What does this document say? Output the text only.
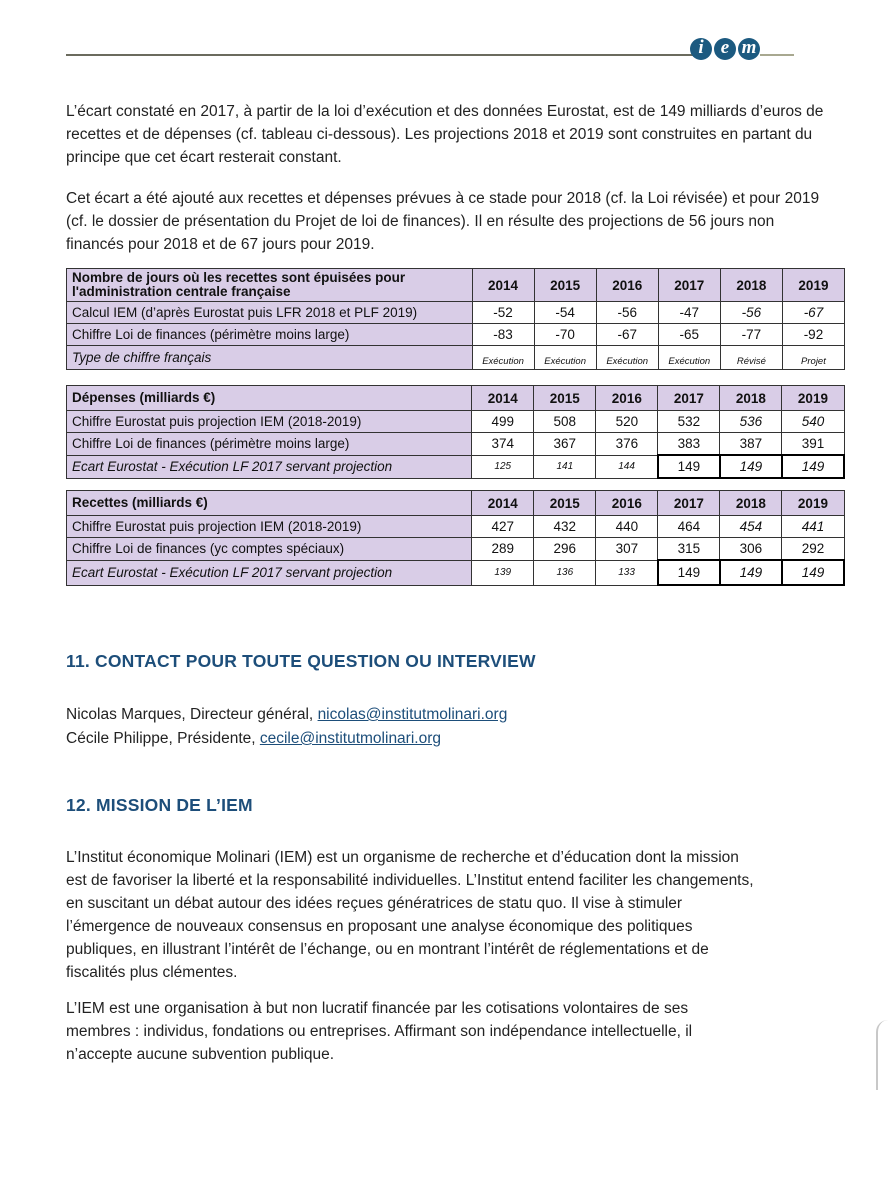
i e m

L’écart constaté en 2017, à partir de la loi d’exécution et des données Eurostat, est de 149 milliards d’euros de recettes et de dépenses (cf. tableau ci-dessous). Les projections 2018 et 2019 sont construites en partant du principe que cet écart resterait constant.

Cet écart a été ajouté aux recettes et dépenses prévues à ce stade pour 2018 (cf. la Loi révisée) et pour 2019 (cf. le dossier de présentation du Projet de loi de finances). Il en résulte des projections de 56 jours non financés pour 2018 et de 67 jours pour 2019.

Nombre de jours où les recettes sont épuisées pour l'administration centrale française	2014	2015	2016	2017	2018	2019
Calcul IEM (d’après Eurostat puis LFR 2018 et PLF 2019)	-52	-54	-56	-47	-56	-67
Chiffre Loi de finances (périmètre moins large)	-83	-70	-67	-65	-77	-92
Type de chiffre français	Exécution	Exécution	Exécution	Exécution	Révisé	Projet
Dépenses (milliards €)	2014	2015	2016	2017	2018	2019
Chiffre Eurostat puis projection IEM (2018-2019)	499	508	520	532	536	540
Chiffre Loi de finances (périmètre moins large)	374	367	376	383	387	391
Ecart Eurostat - Exécution LF 2017 servant projection	125	141	144	149	149	149
Recettes (milliards €)	2014	2015	2016	2017	2018	2019
Chiffre Eurostat puis projection IEM (2018-2019)	427	432	440	464	454	441
Chiffre Loi de finances (yc comptes spéciaux)	289	296	307	315	306	292
Ecart Eurostat - Exécution LF 2017 servant projection	139	136	133	149	149	149
11. CONTACT POUR TOUTE QUESTION OU INTERVIEW
Nicolas Marques, Directeur général, nicolas@institutmolinari.org
Cécile Philippe, Présidente, cecile@institutmolinari.org
12. MISSION DE L’IEM
L’Institut économique Molinari (IEM) est un organisme de recherche et d’éducation dont la mission
est de favoriser la liberté et la responsabilité individuelles. L’Institut entend faciliter les changements,
en suscitant un débat autour des idées reçues génératrices de statu quo. Il vise à stimuler
l’émergence de nouveaux consensus en proposant une analyse économique des politiques
publiques, en illustrant l’intérêt de l’échange, ou en montrant l’intérêt de réglementations et de
fiscalités plus clémentes.
L’IEM est une organisation à but non lucratif financée par les cotisations volontaires de ses
membres : individus, fondations ou entreprises. Affirmant son indépendance intellectuelle, il
n’accepte aucune subvention publique.
